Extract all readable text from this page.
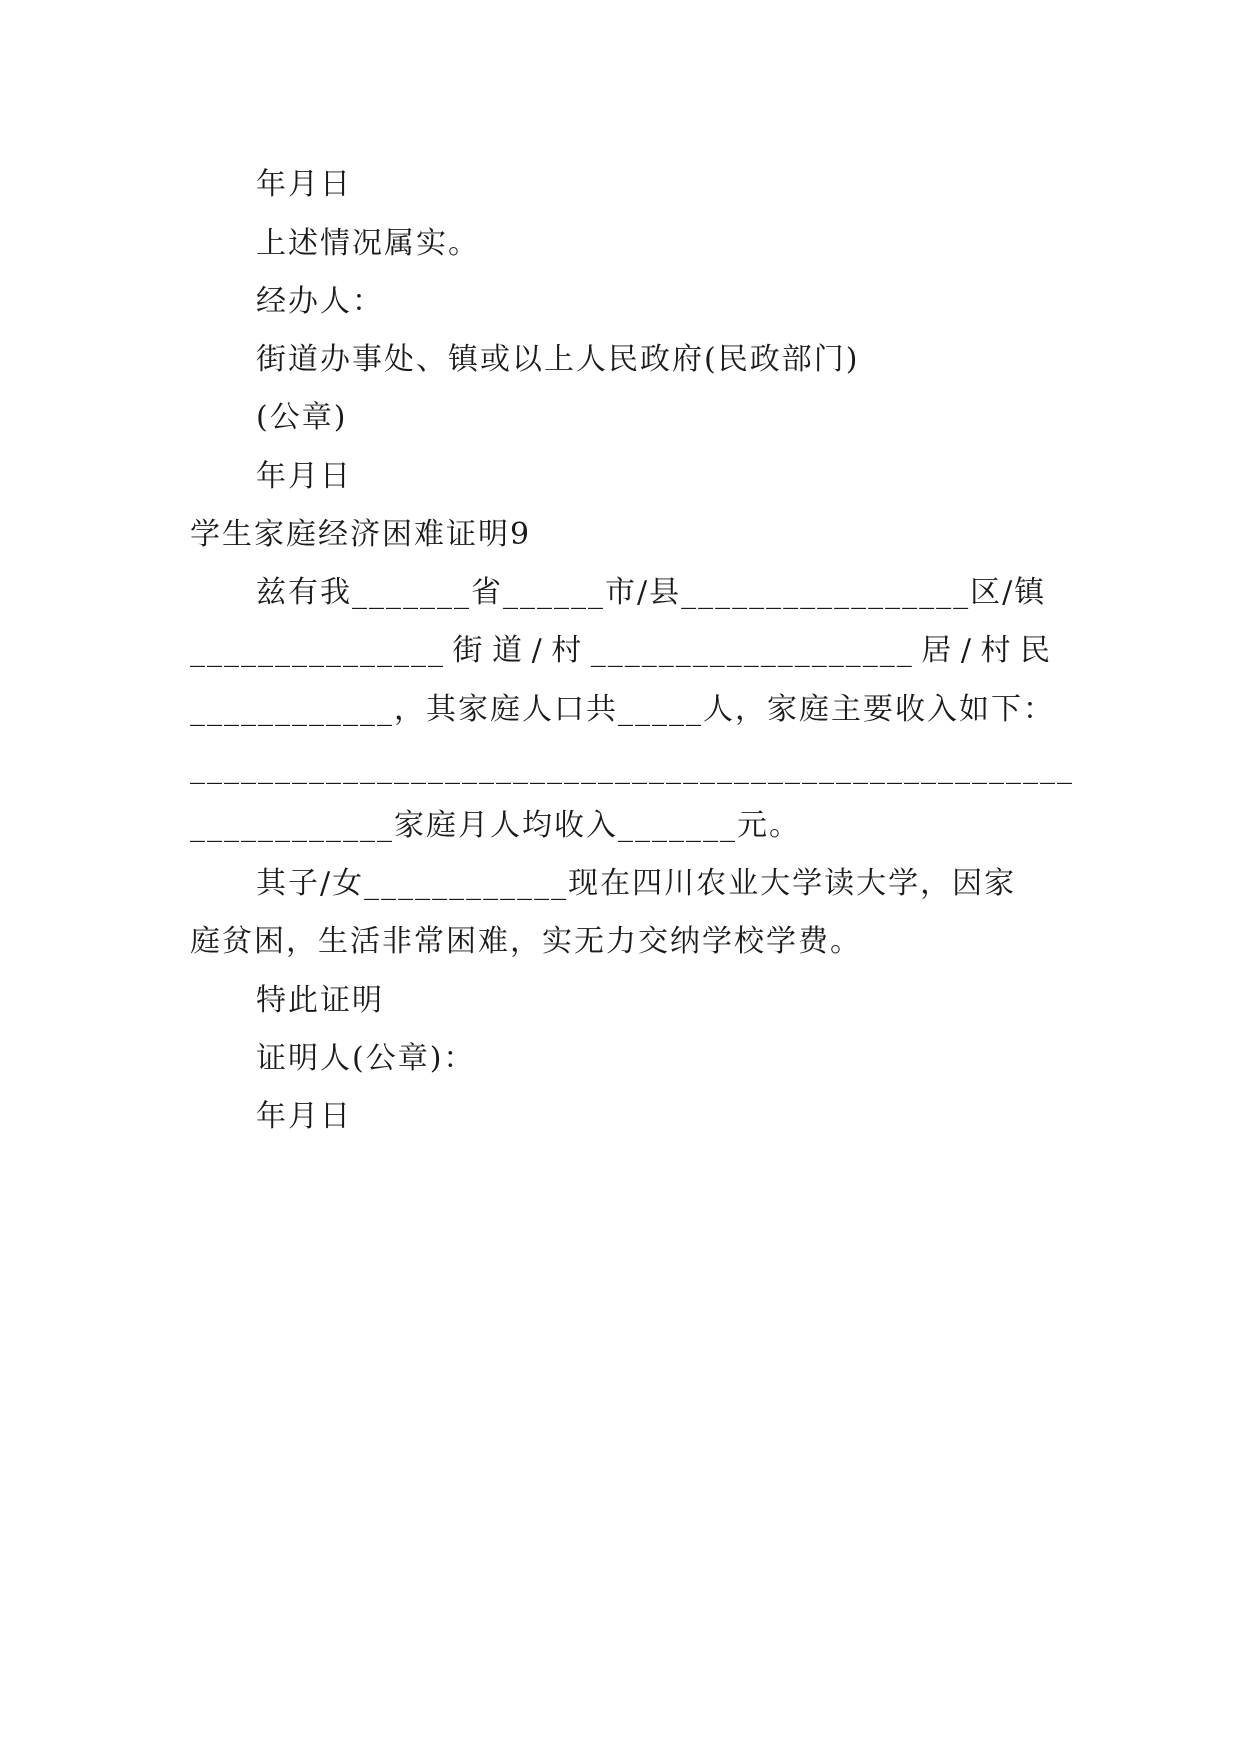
年月日
上述情况属实。
经办人：
街道办事处、镇或以上人民政府(民政部门)
(公章)
年月日
学生家庭经济困难证明9
兹有我_______省______市/县_________________区/镇
_______________ 街 道 / 村 ___________________ 居 / 村 民
____________，其家庭人口共_____人，家庭主要收入如下：
____________________________________________________
____________家庭月人均收入_______元。
其子/女____________现在四川农业大学读大学，因家
庭贫困，生活非常困难，实无力交纳学校学费。
特此证明
证明人(公章)：
年月日
